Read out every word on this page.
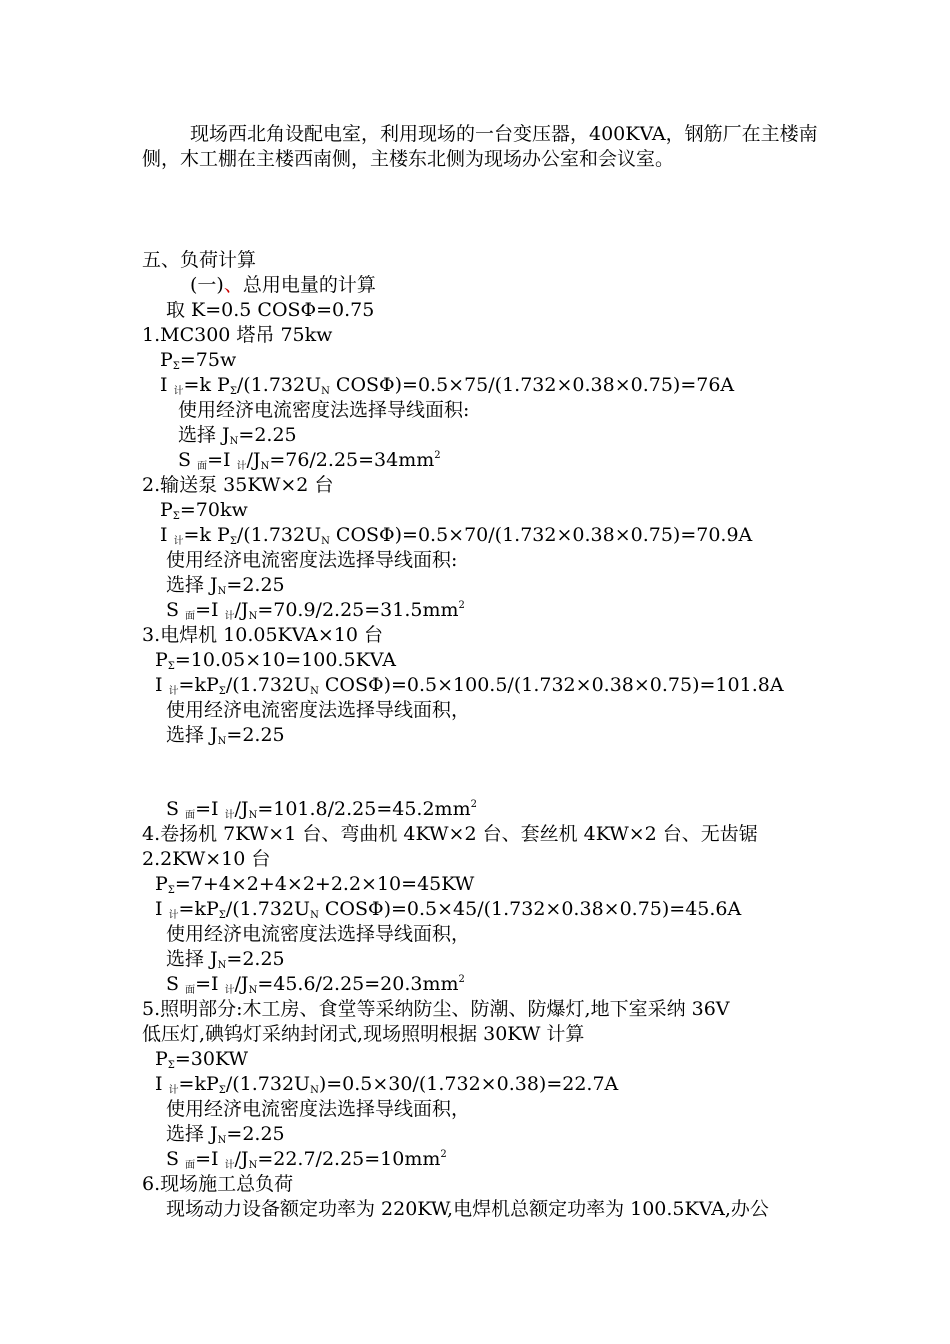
现场西北角设配电室，利用现场的一台变压器，400KVA，钢筋厂在主楼南侧，木工棚在主楼西南侧，主楼东北侧为现场办公室和会议室。
五、负荷计算
(一)、总用电量的计算
取 K=0.5 COSΦ=0.75
1.MC300 塔吊 75kw
$P_\Sigma=75w$
I $_计$=k $P_\Sigma/(1.732U_N$ COSΦ)=0.5×75/(1.732×0.38×0.75)=76A
使用经济电流密度法选择导线面积:
选择 $J_N=2.25$
S $_面$=I $_计/J_N=76/2.25=34mm^2$
2.输送泵 35KW×2 台
$P_\Sigma=70kw$
I $_计$=k $P_\Sigma/(1.732U_N$ COSΦ)=0.5×70/(1.732×0.38×0.75)=70.9A
使用经济电流密度法选择导线面积:
选择 $J_N=2.25$
S $_面$=I $_计/J_N=70.9/2.25=31.5mm^2$
3.电焊机 10.05KVA×10 台
$P_\Sigma=10.05\times 10=100.5KVA$
I $_计=kP_\Sigma/(1.732U_N$ COSΦ)=0.5×100.5/(1.732×0.38×0.75)=101.8A
使用经济电流密度法选择导线面积，
选择 $J_N=2.25$
S $_面$=I $_计/J_N=101.8/2.25=45.2mm^2$
4.卷扬机 7KW×1 台、弯曲机 4KW×2 台、套丝机 4KW×2 台、无齿锯
2.2KW×10 台
$P_\Sigma=7+4\times 2+4\times 2+2.2\times 10=45KW$
I $_计=kP_\Sigma/(1.732U_N$ COSΦ)=0.5×45/(1.732×0.38×0.75)=45.6A
使用经济电流密度法选择导线面积，
选择 $J_N=2.25$
S $_面$=I $_计/J_N=45.6/2.25=20.3mm^2$
5.照明部分:木工房、食堂等采纳防尘、防潮、防爆灯,地下室采纳 36V
低压灯,碘钨灯采纳封闭式,现场照明根据 30KW 计算
$P_\Sigma=30KW$
I $_计=kP_\Sigma/(1.732U_N)=0.5\times 30/(1.732\times 0.38)=22.7A$
使用经济电流密度法选择导线面积，
选择 $J_N=2.25$
S $_面$=I $_计/J_N=22.7/2.25=10mm^2$
6.现场施工总负荷
现场动力设备额定功率为 220KW,电焊机总额定功率为 100.5KVA,办公
